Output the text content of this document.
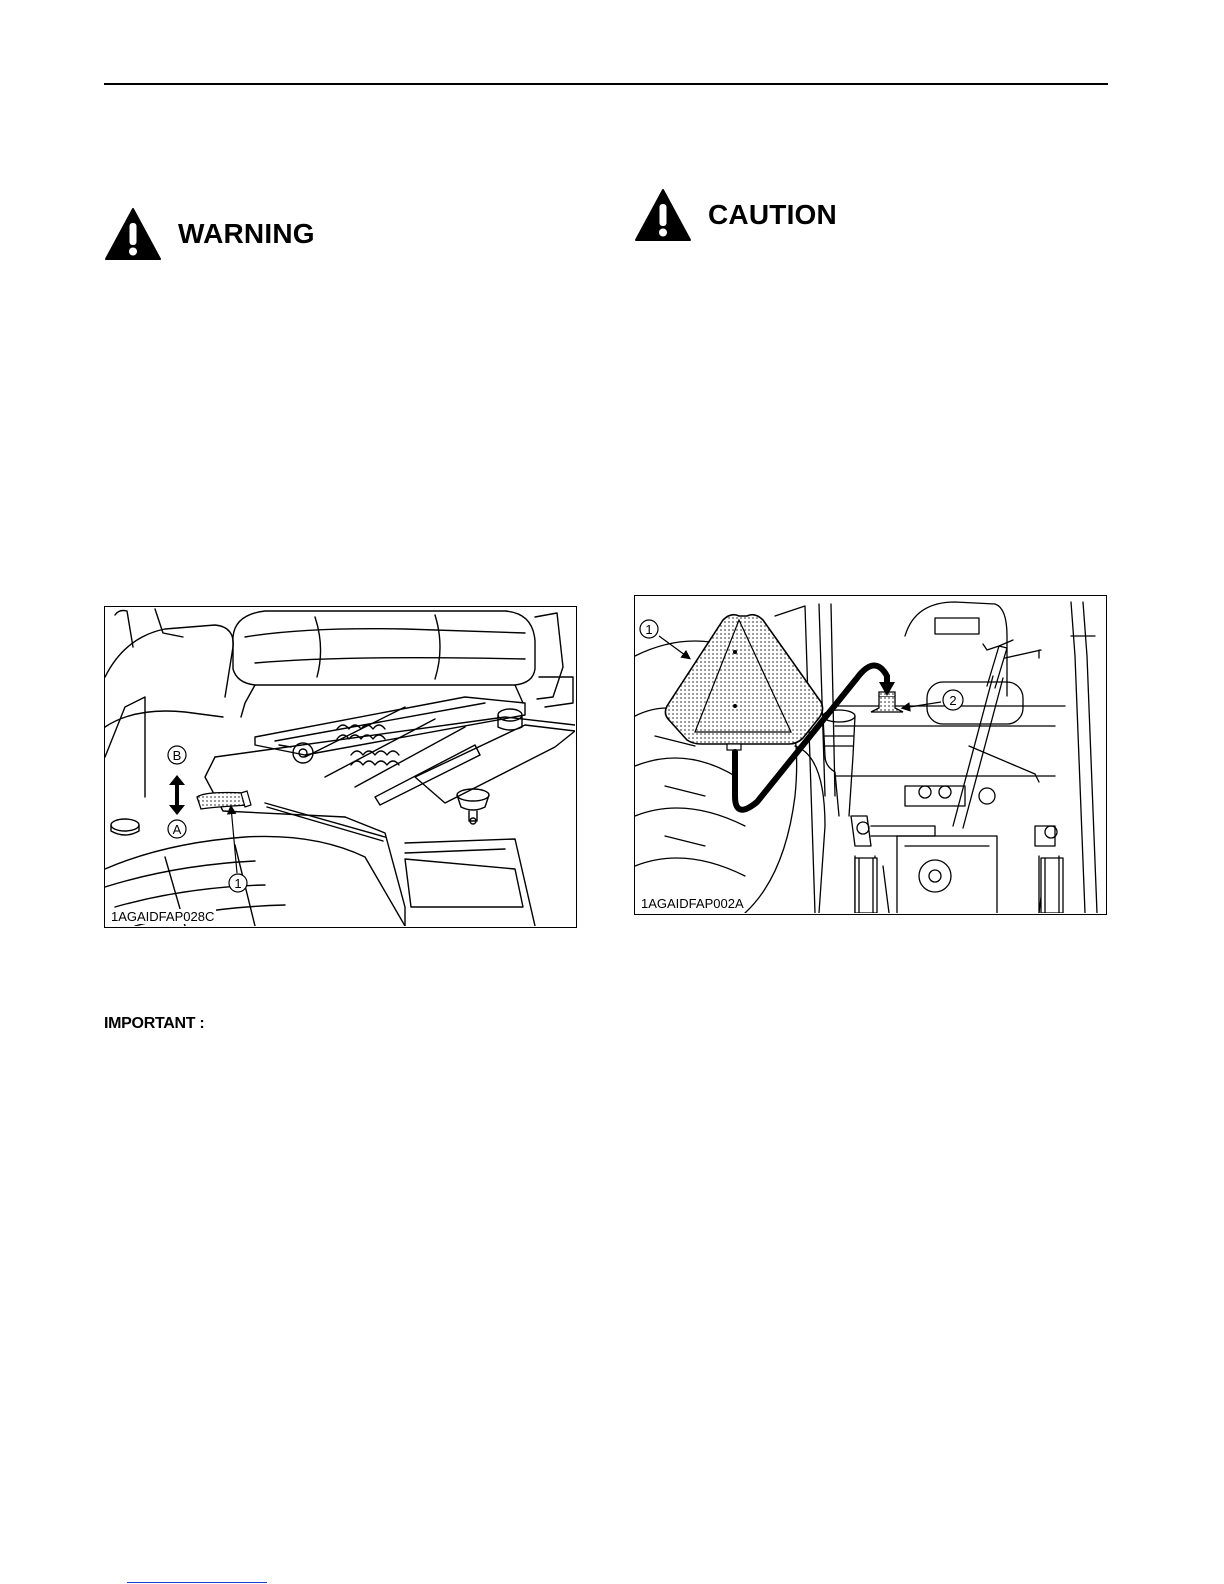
WARNING
CAUTION
B
A
1
1AGAIDFAP028C
1
2
1AGAIDFAP002A
IMPORTANT :
